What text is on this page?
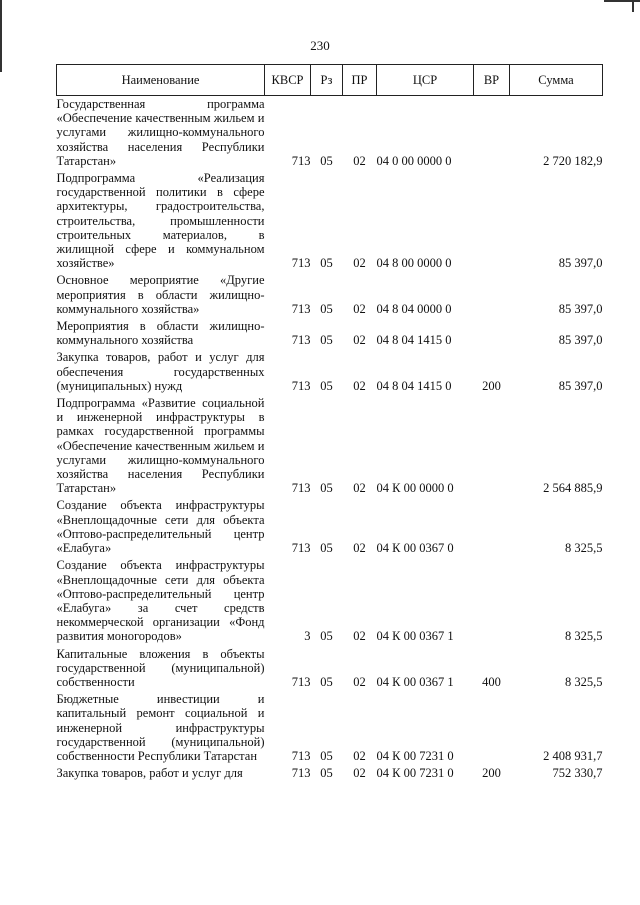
230
Наименование	КВСР	Рз	ПР	ЦСР	ВР	Сумма
Государственная программа «Обеспечение качественным жильем и услугами жилищно-коммунального хозяйства населения Республики Татарстан»	713	05	02	04 0 00 0000 0		2 720 182,9
Подпрограмма «Реализация государственной политики в сфере архитектуры, градостроительства, строительства, промышленности строительных материалов, в жилищной сфере и коммунальном хозяйстве»	713	05	02	04 8 00 0000 0		85 397,0
Основное мероприятие «Другие мероприятия в области жилищно-коммунального хозяйства»	713	05	02	04 8 04 0000 0		85 397,0
Мероприятия в области жилищно-коммунального хозяйства	713	05	02	04 8 04 1415 0		85 397,0
Закупка товаров, работ и услуг для обеспечения государственных (муниципальных) нужд	713	05	02	04 8 04 1415 0	200	85 397,0
Подпрограмма «Развитие социальной и инженерной инфраструктуры в рамках государственной программы «Обеспечение качественным жильем и услугами жилищно-коммунального хозяйства населения Республики Татарстан»	713	05	02	04 К 00 0000 0		2 564 885,9
Создание объекта инфраструктуры «Внеплощадочные сети для объекта «Оптово-распределительный центр «Елабуга»	713	05	02	04 К 00 0367 0		8 325,5
Создание объекта инфраструктуры «Внеплощадочные сети для объекта «Оптово-распределительный центр «Елабуга» за счет средств некоммерческой организации «Фонд развития моногородов»	3	05	02	04 К 00 0367 1		8 325,5
Капитальные вложения в объекты государственной (муниципальной) собственности	713	05	02	04 К 00 0367 1	400	8 325,5
Бюджетные инвестиции и капитальный ремонт социальной и инженерной инфраструктуры государственной (муниципальной) собственности Республики Татарстан	713	05	02	04 К 00 7231 0		2 408 931,7
Закупка товаров, работ и услуг для	713	05	02	04 К 00 7231 0	200	752 330,7
